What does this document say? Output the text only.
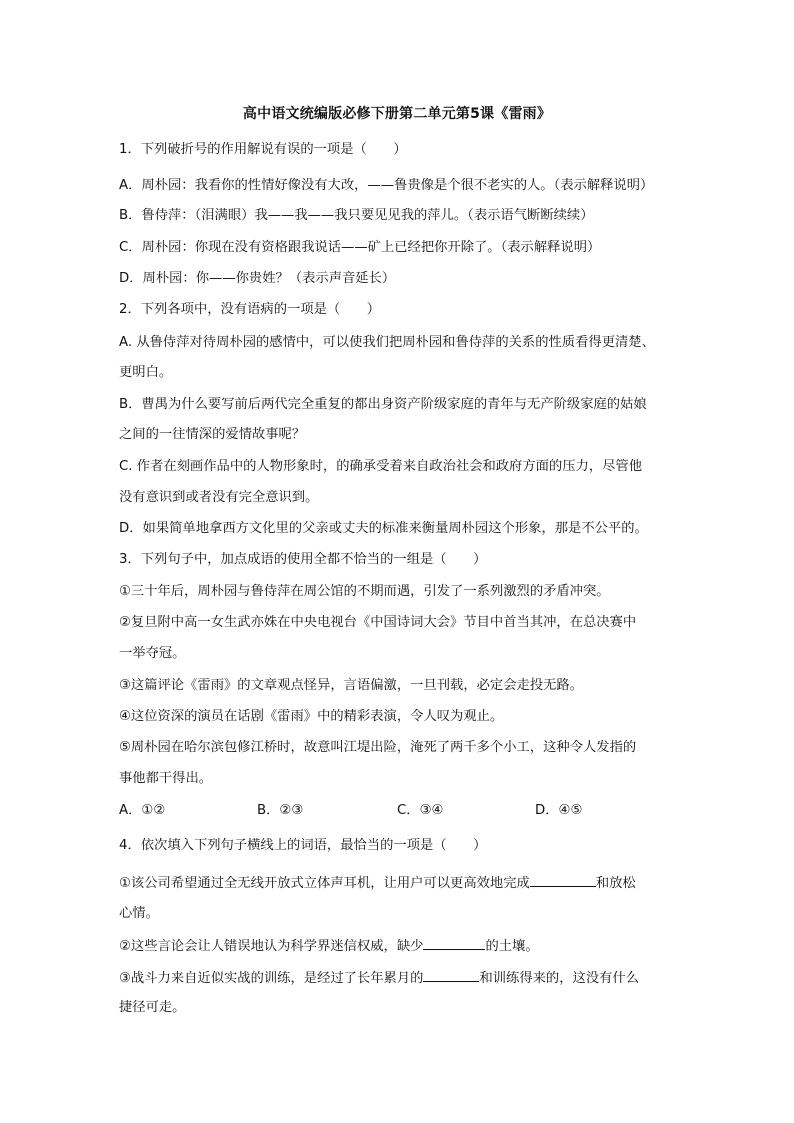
高中语文统编版必修下册第二单元第5课《雷雨》
1．下列破折号的作用解说有误的一项是（　　）
A．周朴园：我看你的性情好像没有大改，——鲁贵像是个很不老实的人。（表示解释说明）
B．鲁侍萍：（泪满眼）我——我——我只要见见我的萍儿。（表示语气断断续续）
C．周朴园：你现在没有资格跟我说话——矿上已经把你开除了。（表示解释说明）
D．周朴园：你——你贵姓？（表示声音延长）
2．下列各项中，没有语病的一项是（　　）
A. 从鲁侍萍对待周朴园的感情中，可以使我们把周朴园和鲁侍萍的关系的性质看得更清楚、
更明白。
B．曹禺为什么要写前后两代完全重复的都出身资产阶级家庭的青年与无产阶级家庭的姑娘
之间的一往情深的爱情故事呢？
C. 作者在刻画作品中的人物形象时，的确承受着来自政治社会和政府方面的压力，尽管他
没有意识到或者没有完全意识到。
D．如果简单地拿西方文化里的父亲或丈夫的标准来衡量周朴园这个形象，那是不公平的。
3．下列句子中，加点成语的使用全都不恰当的一组是（　　）
①三十年后，周朴园与鲁侍萍在周公馆的不期而遇，引发了一系列激烈的矛盾冲突。
②复旦附中高一女生武亦姝在中央电视台《中国诗词大会》节目中首当其冲，在总决赛中
一举夺冠。
③这篇评论《雷雨》的文章观点怪异，言语偏激，一旦刊载，必定会走投无路。
④这位资深的演员在话剧《雷雨》中的精彩表演，令人叹为观止。
⑤周朴园在哈尔滨包修江桥时，故意叫江堤出险，淹死了两千多个小工，这种令人发指的
事他都干得出。
A．①②	B．②③	C．③④	D．④⑤
4．依次填入下列句子横线上的词语，最恰当的一项是（　　）
①该公司希望通过全无线开放式立体声耳机，让用户可以更高效地完成	和放松
心情。
②这些言论会让人错误地认为科学界迷信权威，缺少	的土壤。
③战斗力来自近似实战的训练，是经过了长年累月的	和训练得来的，这没有什么
捷径可走。
